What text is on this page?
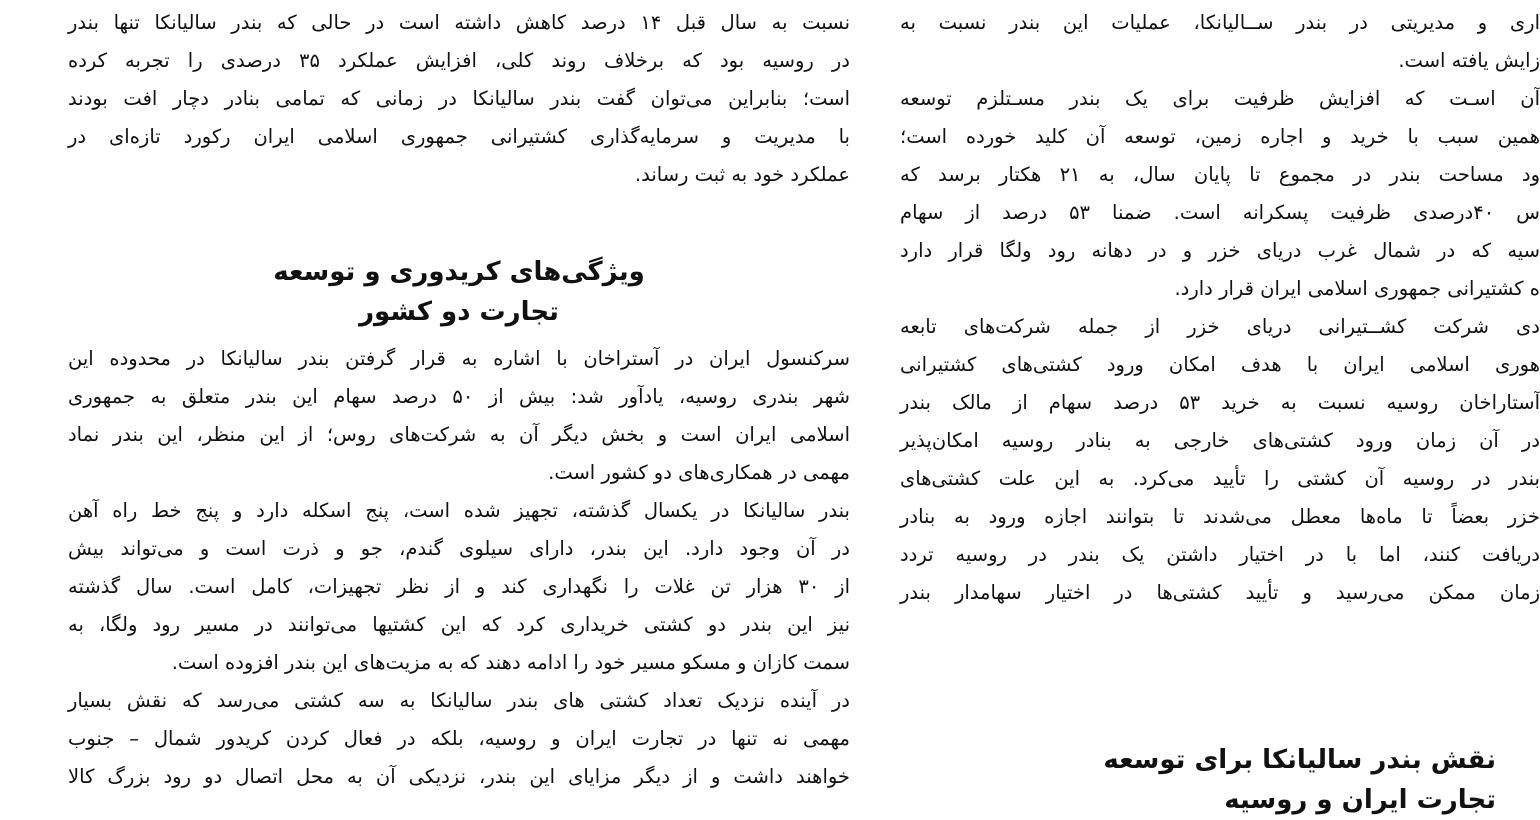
نسبت به سال قبل ۱۴ درصد کاهش داشته است در حالی که بندر سالیانکا تنها بندر
در روسیه بود که برخلاف روند کلی، افزایش عملکرد ۳۵ درصدی را تجربه کرده
است؛ بنابراین می‌توان گفت بندر سالیانکا در زمانی که تمامی بنادر دچار افت بودند
با مدیریت و سرمایه‌گذاری کشتیرانی جمهوری اسلامی ایران رکورد تازه‌ای در
عملکرد خود به ثبت رساند.
ویژگی‌های کریدوری و توسعه
تجارت دو کشور
سرکنسول ایران در آستراخان با اشاره به قرار گرفتن بندر سالیانکا در محدوده این
شهر بندری روسیه، یادآور شد: بیش از ۵۰ درصد سهام این بندر متعلق به جمهوری
اسلامی ایران است و بخش دیگر آن به شرکت‌های روس؛ از این منظر، این بندر نماد
مهمی در همکاری‌های دو کشور است.
بندر سالیانکا در یکسال گذشته، تجهیز شده است، پنج اسکله دارد و پنج خط راه آهن
در آن وجود دارد. این بندر، دارای سیلوی گندم، جو و ذرت است و می‌تواند بیش
از ۳۰ هزار تن غلات را نگهداری کند و از نظر تجهیزات، کامل است. سال گذشته
نیز این بندر دو کشتی خریداری کرد که این کشتیها می‌توانند در مسیر رود ولگا، به
سمت کازان و مسکو مسیر خود را ادامه دهند که به مزیت‌های این بندر افزوده است.
در آینده نزدیک تعداد کشتی های بندر سالیانکا به سه کشتی می‌رسد که نقش بسیار
مهمی نه تنها در تجارت ایران و روسیه، بلکه در فعال کردن کریدور شمال – جنوب
خواهند داشت و از دیگر مزایای این بندر، نزدیکی آن به محل اتصال دو رود بزرگ کالا
اری و مدیریتی در بندر ســالیانکا، عملیات این بندر نسبت به
زایش یافته است.
آن اسـت که افزایش ظرفیت برای یک بندر مسـتلزم توسعه
همین سبب با خرید و اجاره زمین، توسعه آن کلید خورده است؛
ود مساحت بندر در مجموع تا پایان سال، به ۲۱ هکتار برسد که
س ۴۰درصدی ظرفیت پسکرانه است. ضمنا ۵۳ درصد از سهام
سیه که در شمال غرب دریای خزر و در دهانه رود ولگا قرار دارد
ه کشتیرانی جمهوری اسلامی ایران قرار دارد.
دی شرکت کشــتیرانی دریای خزر از جمله شرکت‌های تابعه
هوری اسلامی ایران با هدف امکان ورود کشتی‌های کشتیرانی
آستاراخان روسیه نسبت به خرید ۵۳ درصد سهام از مالک بندر
در آن زمان ورود کشتی‌های خارجی به بنادر روسیه امکان‌پذیر
بندر در روسیه آن کشتی را تأیید می‌کرد. به این علت کشتی‌های
خزر بعضاً تا ماه‌ها معطل می‌شدند تا بتوانند اجازه ورود به بنادر
دریافت کنند، اما با در اختیار داشتن یک بندر در روسیه تردد
زمان ممکن می‌رسید و تأیید کشتی‌ها در اختیار سهامدار بندر
نقش بندر سالیانکا برای توسعه
تجارت ایران و روسیه
